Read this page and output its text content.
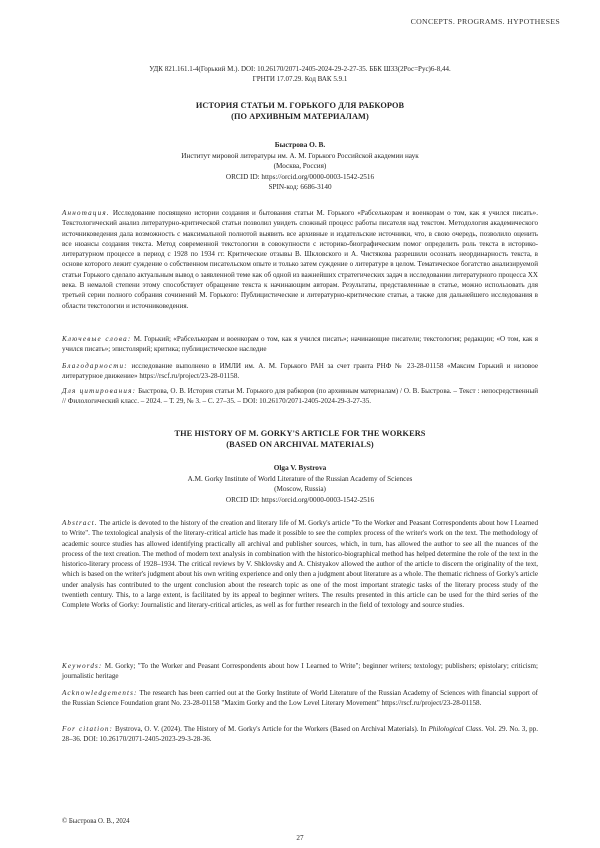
CONCEPTS. PROGRAMS. HYPOTHESES
УДК 821.161.1-4(Горький М.). DOI: 10.26170/2071-2405-2024-29-2-27-35. ББК Ш33(2Рос=Рус)6-8,44.
ГРНТИ 17.07.29. Код ВАК 5.9.1
ИСТОРИЯ СТАТЬИ М. ГОРЬКОГО ДЛЯ РАБКОРОВ
(ПО АРХИВНЫМ МАТЕРИАЛАМ)
Быстрова О. В.
Институт мировой литературы им. А. М. Горького Российской академии наук
(Москва, Россия)
ORCID ID: https://orcid.org/0000-0003-1542-2516
SPIN-код: 6686-3140

Аннотация. Исследование посвящено истории создания и бытования статьи М. Горького «Рабселькорам и военкорам о том, как я учился писать». Текстологический анализ литературно-критической статьи позволил увидеть сложный процесс работы писателя над текстом. Методология академического источниковедения дала возможность с максимальной полнотой выявить все архивные и издательские источники, что, в свою очередь, позволило оценить все нюансы создания текста. Метод современной текстологии в совокупности с историко-биографическим помог определить роль текста в историко-литературном процессе в период с 1928 по 1934 гг. Критические отзывы В. Шкловского и А. Чистякова разрешили осознать неординарность текста, в основе которого лежит суждение о собственном писательском опыте и только затем суждение о литературе в целом. Тематическое богатство анализируемой статьи Горького сделало актуальным вывод о заявленной теме как об одной из важнейших стратегических задач в исследовании литературного процесса XX века. В немалой степени этому способствует обращение текста к начинающим авторам. Результаты, представленные в статье, можно использовать для третьей серии полного собрания сочинений М. Горького: Публицистические и литературно-критические статьи, а также для дальнейшего исследования в области текстологии и источниковедения.

Ключевые слова: М. Горький; «Рабселькорам и военкорам о том, как я учился писать»; начинающие писатели; текстология; редакции; «О том, как я учился писать»; эпистолярий; критика; публицистическое наследие

Благодарности: исследование выполнено в ИМЛИ им. А. М. Горького РАН за счет гранта РНФ № 23-28-01158 «Максим Горький и низовое литературное движение» https://rscf.ru/project/23-28-01158.

Для цитирования: Быстрова, О. В. История статьи М. Горького для рабкоров (по архивным материалам) / О. В. Быстрова. – Текст : непосредственный // Филологический класс. – 2024. – Т. 29, № 3. – С. 27–35. – DOI: 10.26170/2071-2405-2024-29-3-27-35.

THE HISTORY OF M. GORKY'S ARTICLE FOR THE WORKERS
(BASED ON ARCHIVAL MATERIALS)
Olga V. Bystrova
A.M. Gorky Institute of World Literature of the Russian Academy of Sciences
(Moscow, Russia)
ORCID ID: https://orcid.org/0000-0003-1542-2516

Abstract. The article is devoted to the history of the creation and literary life of M. Gorky's article "To the Worker and Peasant Correspondents about how I Learned to Write". The textological analysis of the literary-critical article has made it possible to see the complex process of the writer's work on the text. The methodology of academic source studies has allowed identifying practically all archival and publisher sources, which, in turn, has allowed the author to see all the nuances of the process of the text creation. The method of modern text analysis in combination with the historico-biographical method has helped determine the role of the text in the historico-literary process of 1928–1934. The critical reviews by V. Shklovsky and A. Chistyakov allowed the author of the article to discern the originality of the text, which is based on the writer's judgment about his own writing experience and only then a judgment about literature as a whole. The thematic richness of Gorky's article under analysis has contributed to the urgent conclusion about the research topic as one of the most important strategic tasks of the literary process study of the twentieth century. This, to a large extent, is facilitated by its appeal to beginner writers. The results presented in this article can be used for the third series of the Complete Works of Gorky: Journalistic and literary-critical articles, as well as for further research in the field of textology and source studies.

Keywords: M. Gorky; "To the Worker and Peasant Correspondents about how I Learned to Write"; beginner writers; textology; publishers; epistolary; criticism; journalistic heritage

Acknowledgements: The research has been carried out at the Gorky Institute of World Literature of the Russian Academy of Sciences with financial support of the Russian Science Foundation grant No. 23-28-01158 "Maxim Gorky and the Low Level Literary Movement" https://rscf.ru/project/23-28-01158.

For citation: Bystrova, O. V. (2024). The History of M. Gorky's Article for the Workers (Based on Archival Materials). In Philological Class. Vol. 29. No. 3, pp. 28–36. DOI: 10.26170/2071-2405-2023-29-3-28-36.

© Быстрова О. В., 2024
27
